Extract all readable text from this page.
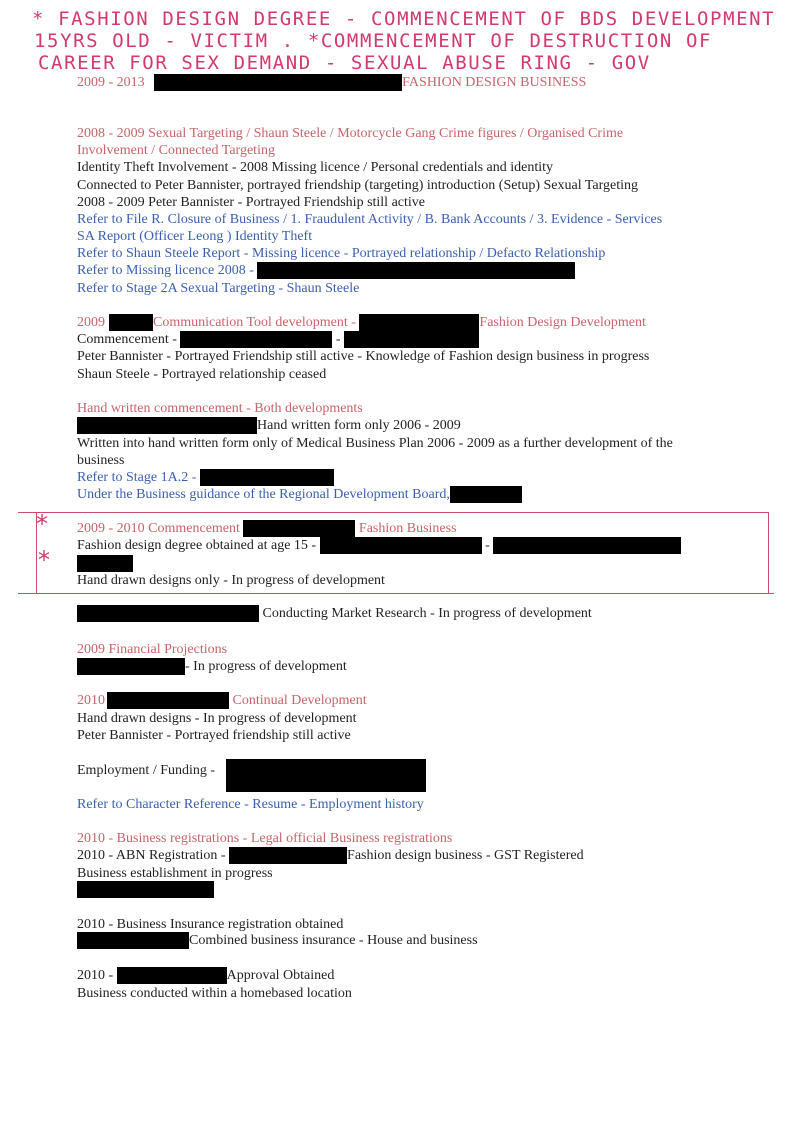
* FASHION DESIGN DEGREE - COMMENCEMENT OF BDS DEVELOPMENT
15YRS OLD - VICTIM . *COMMENCEMENT OF DESTRUCTION OF
CAREER FOR SEX DEMAND - SEXUAL ABUSE RING - GOV
2009 - 2013	FASHION DESIGN BUSINESS
2008 - 2009 Sexual Targeting / Shaun Steele / Motorcycle Gang Crime figures / Organised Crime
Involvement / Connected Targeting
Identity Theft Involvement - 2008 Missing licence / Personal credentials and identity
Connected to Peter Bannister, portrayed friendship (targeting) introduction (Setup) Sexual Targeting
2008 - 2009 Peter Bannister - Portrayed Friendship still active
Refer to File R. Closure of Business / 1. Fraudulent Activity / B. Bank Accounts / 3. Evidence - Services
SA Report (Officer Leong ) Identity Theft
Refer to Shaun Steele Report - Missing licence - Portrayed relationship / Defacto Relationship
Refer to Missing licence 2008 -
Refer to Stage 2A Sexual Targeting - Shaun Steele
2009	Communication Tool development -	Fashion Design Development
Commencement -	-
Peter Bannister - Portrayed Friendship still active - Knowledge of Fashion design business in progress
Shaun Steele - Portrayed relationship ceased
Hand written commencement - Both developments
Hand written form only 2006 - 2009
Written into hand written form only of Medical Business Plan 2006 - 2009 as a further development of the
business
Refer to Stage 1A.2 -
Under the Business guidance of the Regional Development Board,
*
*
2009 - 2010 Commencement	Fashion Business
Fashion design degree obtained at age 15 -	-
Hand drawn designs only - In progress of development
Conducting Market Research - In progress of development
2009 Financial Projections
- In progress of development
2010	Continual Development
Hand drawn designs - In progress of development
Peter Bannister - Portrayed friendship still active
Employment / Funding -
Refer to Character Reference - Resume - Employment history
2010 - Business registrations - Legal official Business registrations
2010 - ABN Registration -	Fashion design business - GST Registered
Business establishment in progress
2010 - Business Insurance registration obtained
Combined business insurance - House and business
2010 -	Approval Obtained
Business conducted within a homebased location
